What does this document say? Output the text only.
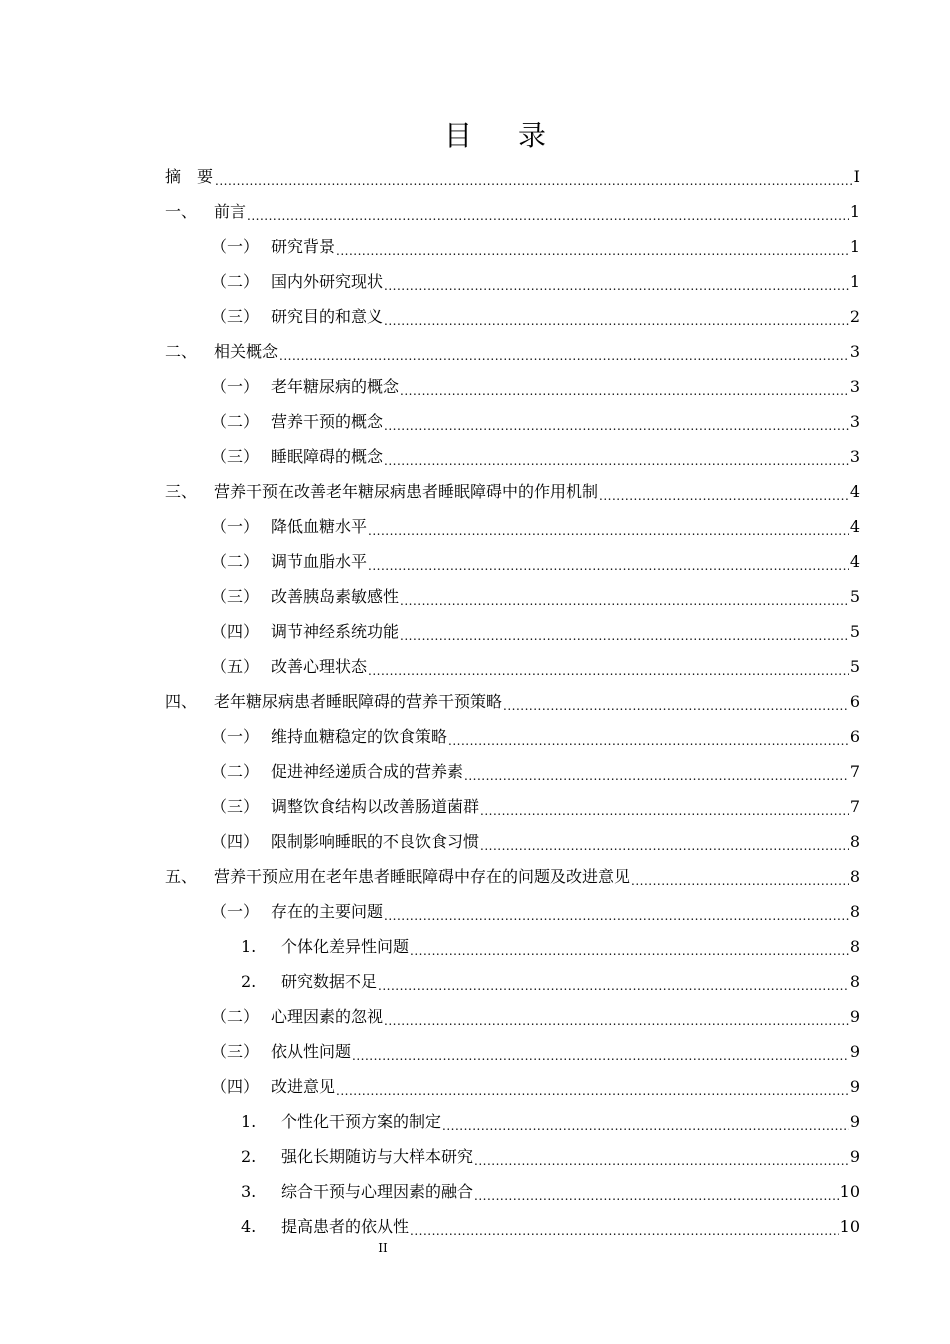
目 录
摘　要 .....	I
一、	前言 .....	1
（一） 研究背景 .....	1
（二） 国内外研究现状 .....	1
（三） 研究目的和意义 .....	2
二、	相关概念 .....	3
（一） 老年糖尿病的概念 .....	3
（二） 营养干预的概念 .....	3
（三） 睡眠障碍的概念 .....	3
三、	营养干预在改善老年糖尿病患者睡眠障碍中的作用机制 .....	4
（一） 降低血糖水平 .....	4
（二） 调节血脂水平 .....	4
（三） 改善胰岛素敏感性 .....	5
（四） 调节神经系统功能 .....	5
（五） 改善心理状态 .....	5
四、	老年糖尿病患者睡眠障碍的营养干预策略 .....	6
（一） 维持血糖稳定的饮食策略 .....	6
（二） 促进神经递质合成的营养素 .....	7
（三） 调整饮食结构以改善肠道菌群 .....	7
（四） 限制影响睡眠的不良饮食习惯 .....	8
五、	营养干预应用在老年患者睡眠障碍中存在的问题及改进意见 .....	8
（一） 存在的主要问题 .....	8
1.	个体化差异性问题 .....	8
2.	研究数据不足 .....	8
（二） 心理因素的忽视 .....	9
（三） 依从性问题 .....	9
（四） 改进意见 .....	9
1.	个性化干预方案的制定 .....	9
2.	强化长期随访与大样本研究 .....	9
3.	综合干预与心理因素的融合 .....	10
4.	提高患者的依从性 .....	10
II
